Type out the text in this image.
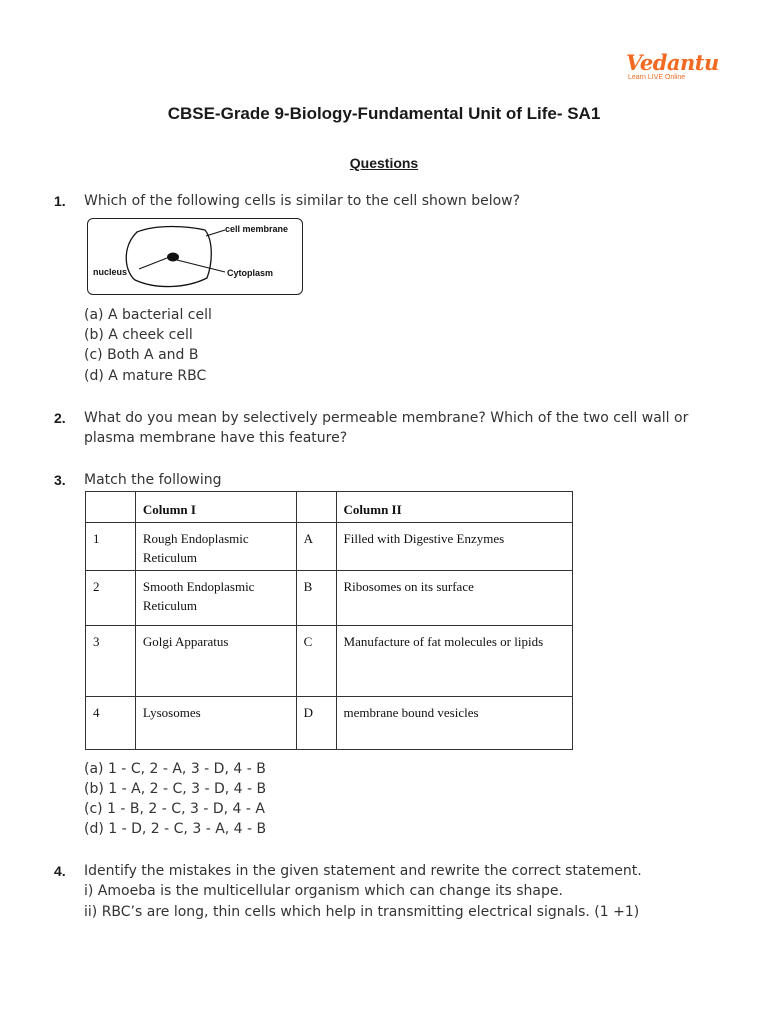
Vedantu
Learn LIVE Online
CBSE-Grade 9-Biology-Fundamental Unit of Life- SA1
Questions
1. Which of the following cells is similar to the cell shown below?
cell membrane
nucleus	Cytoplasm
(a) A bacterial cell
(b) A cheek cell
(c) Both A and B
(d) A mature RBC
2. What do you mean by selectively permeable membrane? Which of the two cell wall or
plasma membrane have this feature?
3. Match the following
	Column I		Column II
1	Rough Endoplasmic Reticulum	A	Filled with Digestive Enzymes
2	Smooth Endoplasmic Reticulum	B	Ribosomes on its surface
3	Golgi Apparatus	C	Manufacture of fat molecules or lipids
4	Lysosomes	D	membrane bound vesicles
(a) 1 - C, 2 - A, 3 - D, 4 - B
(b) 1 - A, 2 - C, 3 - D, 4 - B
(c) 1 - B, 2 - C, 3 - D, 4 - A
(d) 1 - D, 2 - C, 3 - A, 4 - B
4. Identify the mistakes in the given statement and rewrite the correct statement.
i) Amoeba is the multicellular organism which can change its shape.
ii) RBC’s are long, thin cells which help in transmitting electrical signals. (1 +1)
